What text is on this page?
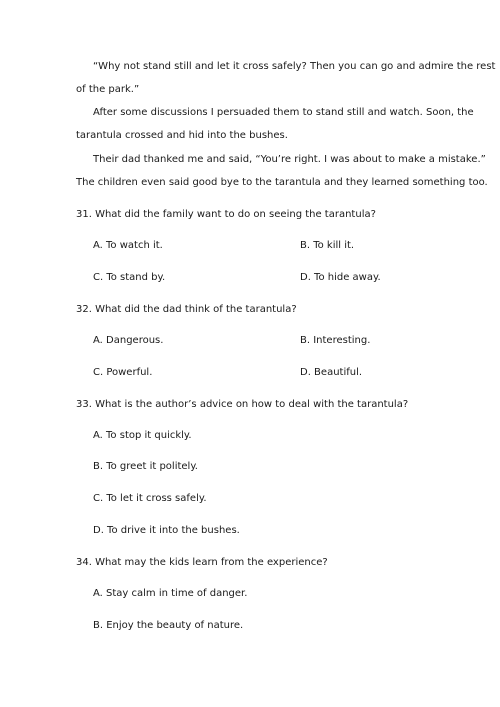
“Why not stand still and let it cross safely? Then you can go and admire the rest
of the park.”
After some discussions I persuaded them to stand still and watch. Soon, the
tarantula crossed and hid into the bushes.
Their dad thanked me and said, “You’re right. I was about to make a mistake.”
The children even said good bye to the tarantula and they learned something too.
31. What did the family want to do on seeing the tarantula?
A. To watch it.	B. To kill it.
C. To stand by.	D. To hide away.
32. What did the dad think of the tarantula?
A. Dangerous.	B. Interesting.
C. Powerful.	D. Beautiful.
33. What is the author’s advice on how to deal with the tarantula?
A. To stop it quickly.
B. To greet it politely.
C. To let it cross safely.
D. To drive it into the bushes.
34. What may the kids learn from the experience?
A. Stay calm in time of danger.
B. Enjoy the beauty of nature.
